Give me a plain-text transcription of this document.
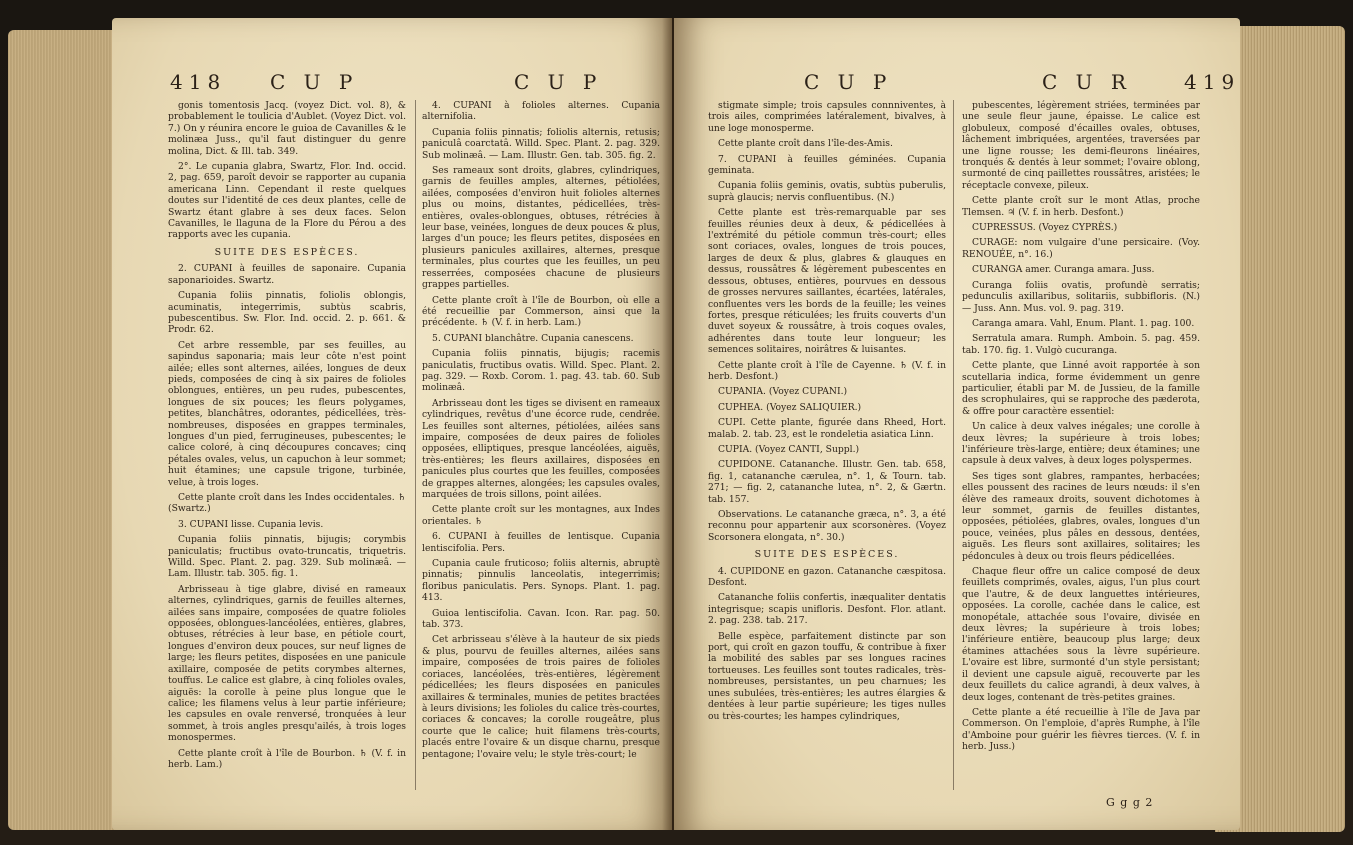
418 C U P	C U P

gonis tomentosis Jacq. (voyez Dict. vol. 8), & probablement le toulicia d'Aublet. (Voyez Dict. vol. 7.) On y réunira encore le guioa de Cavanilles & le molinæa Juss., qu'il faut distinguer du genre molina, Dict. & Ill. tab. 349.

2°. Le cupania glabra, Swartz, Flor. Ind. occid. 2, pag. 659, paroît devoir se rapporter au cupania americana Linn. Cependant il reste quelques doutes sur l'identité de ces deux plantes, celle de Swartz étant glabre à ses deux faces. Selon Cavanilles, le llaguna de la Flore du Pérou a des rapports avec les cupania.

SUITE DES ESPÈCES.

2. CUPANI à feuilles de saponaire. Cupania saponarioides. Swartz.

Cupania foliis pinnatis, foliolis oblongis, acuminatis, integerrimis, subtùs scabris, pubescentibus. Sw. Flor. Ind. occid. 2. p. 661. & Prodr. 62.

Cet arbre ressemble, par ses feuilles, au sapindus saponaria; mais leur côte n'est point ailée; elles sont alternes, ailées, longues de deux pieds, composées de cinq à six paires de folioles oblongues, entières, un peu rudes, pubescentes, longues de six pouces; les fleurs polygames, petites, blanchâtres, odorantes, pédicellées, très-nombreuses, disposées en grappes terminales, longues d'un pied, ferrugineuses, pubescentes; le calice coloré, à cinq découpures concaves; cinq pétales ovales, velus, un capuchon à leur sommet; huit étamines; une capsule trigone, turbinée, velue, à trois loges.

Cette plante croît dans les Indes occidentales. ♄ (Swartz.)

3. CUPANI lisse. Cupania levis.

Cupania foliis pinnatis, bijugis; corymbis paniculatis; fructibus ovato-truncatis, triquetris. Willd. Spec. Plant. 2. pag. 329. Sub molinæâ. — Lam. Illustr. tab. 305. fig. 1.

Arbrisseau à tige glabre, divisé en rameaux alternes, cylindriques, garnis de feuilles alternes, ailées sans impaire, composées de quatre folioles opposées, oblongues-lancéolées, entières, glabres, obtuses, rétrécies à leur base, en pétiole court, longues d'environ deux pouces, sur neuf lignes de large; les fleurs petites, disposées en une panicule axillaire, composée de petits corymbes alternes, touffus. Le calice est glabre, à cinq folioles ovales, aiguës: la corolle à peine plus longue que le calice; les filamens velus à leur partie inférieure; les capsules en ovale renversé, tronquées à leur sommet, à trois angles presqu'ailés, à trois loges monospermes.

Cette plante croît à l'île de Bourbon. ♄ (V. f. in herb. Lam.)

4. CUPANI à folioles alternes. Cupania alternifolia.

Cupania foliis pinnatis; foliolis alternis, retusis; paniculâ coarctatâ. Willd. Spec. Plant. 2. pag. 329. Sub molinæâ. — Lam. Illustr. Gen. tab. 305. fig. 2.

Ses rameaux sont droits, glabres, cylindriques, garnis de feuilles amples, alternes, pétiolées, ailées, composées d'environ huit folioles alternes plus ou moins, distantes, pédicellées, très-entières, ovales-oblongues, obtuses, rétrécies à leur base, veinées, longues de deux pouces & plus, larges d'un pouce; les fleurs petites, disposées en plusieurs panicules axillaires, alternes, presque terminales, plus courtes que les feuilles, un peu resserrées, composées chacune de plusieurs grappes partielles.

Cette plante croît à l'île de Bourbon, où elle a été recueillie par Commerson, ainsi que la précédente. ♄ (V. f. in herb. Lam.)

5. CUPANI blanchâtre. Cupania canescens.

Cupania foliis pinnatis, bijugis; racemis paniculatis, fructibus ovatis. Willd. Spec. Plant. 2. pag. 329. — Roxb. Corom. 1. pag. 43. tab. 60. Sub molinæâ.

Arbrisseau dont les tiges se divisent en rameaux cylindriques, revêtus d'une écorce rude, cendrée. Les feuilles sont alternes, pétiolées, ailées sans impaire, composées de deux paires de folioles opposées, elliptiques, presque lancéolées, aiguës, très-entières; les fleurs axillaires, disposées en panicules plus courtes que les feuilles, composées de grappes alternes, alongées; les capsules ovales, marquées de trois sillons, point ailées.

Cette plante croît sur les montagnes, aux Indes orientales. ♄

6. CUPANI à feuilles de lentisque. Cupania lentiscifolia. Pers.

Cupania caule fruticoso; foliis alternis, abruptè pinnatis; pinnulis lanceolatis, integerrimis; floribus paniculatis. Pers. Synops. Plant. 1. pag. 413.

Guioa lentiscifolia. Cavan. Icon. Rar. pag. 50. tab. 373.

Cet arbrisseau s'élève à la hauteur de six pieds & plus, pourvu de feuilles alternes, ailées sans impaire, composées de trois paires de folioles coriaces, lancéolées, très-entières, légèrement pédicellées; les fleurs disposées en panicules axillaires & terminales, munies de petites bractées à leurs divisions; les folioles du calice très-courtes, coriaces & concaves; la corolle rougeâtre, plus courte que le calice; huit filamens très-courts, placés entre l'ovaire & un disque charnu, presque pentagone; l'ovaire velu; le style très-court; le

C U P	C U R	419

stigmate simple; trois capsules connniventes, à trois ailes, comprimées latéralement, bivalves, à une loge monosperme.

Cette plante croît dans l'île-des-Amis.

7. CUPANI à feuilles géminées. Cupania geminata.

Cupania foliis geminis, ovatis, subtùs puberulis, suprà glaucis; nervis confluentibus. (N.)

Cette plante est très-remarquable par ses feuilles réunies deux à deux, & pédicellées à l'extrémité du pétiole commun très-court; elles sont coriaces, ovales, longues de trois pouces, larges de deux & plus, glabres & glauques en dessus, roussâtres & légèrement pubescentes en dessous, obtuses, entières, pourvues en dessous de grosses nervures saillantes, écartées, latérales, confluentes vers les bords de la feuille; les veines fortes, presque réticulées; les fruits couverts d'un duvet soyeux & roussâtre, à trois coques ovales, adhérentes dans toute leur longueur; les semences solitaires, noirâtres & luisantes.

Cette plante croît à l'île de Cayenne. ♄ (V. f. in herb. Desfont.)

CUPANIA. (Voyez CUPANI.)

CUPHEA. (Voyez SALIQUIER.)

CUPI. Cette plante, figurée dans Rheed, Hort. malab. 2. tab. 23, est le rondeletia asiatica Linn.

CUPIA. (Voyez CANTI, Suppl.)

CUPIDONE. Catananche. Illustr. Gen. tab. 658, fig. 1, catananche cærulea, n°. 1, & Tourn. tab. 271; — fig. 2, catananche lutea, n°. 2, & Gærtn. tab. 157.

Observations. Le catananche græca, n°. 3, a été reconnu pour appartenir aux scorsonères. (Voyez Scorsonera elongata, n°. 30.)

SUITE DES ESPÈCES.

4. CUPIDONE en gazon. Catananche cæspitosa. Desfont.

Catananche foliis confertis, inæqualiter dentatis integrisque; scapis unifloris. Desfont. Flor. atlant. 2. pag. 238. tab. 217.

Belle espèce, parfaitement distincte par son port, qui croît en gazon touffu, & contribue à fixer la mobilité des sables par ses longues racines tortueuses. Les feuilles sont toutes radicales, très-nombreuses, persistantes, un peu charnues; les unes subulées, très-entières; les autres élargies & dentées à leur partie supérieure; les tiges nulles ou très-courtes; les hampes cylindriques,

pubescentes, légèrement striées, terminées par une seule fleur jaune, épaisse. Le calice est globuleux, composé d'écailles ovales, obtuses, lâchement imbriquées, argentées, traversées par une ligne rousse; les demi-fleurons linéaires, tronqués & dentés à leur sommet; l'ovaire oblong, surmonté de cinq paillettes roussâtres, aristées; le réceptacle convexe, pileux.

Cette plante croît sur le mont Atlas, proche Tlemsen. ♃ (V. f. in herb. Desfont.)

CUPRESSUS. (Voyez CYPRÈS.)

CURAGE: nom vulgaire d'une persicaire. (Voy. RENOUÉE, n°. 16.)

CURANGA amer. Curanga amara. Juss.

Curanga foliis ovatis, profundè serratis; pedunculis axillaribus, solitariis, subbifloris. (N.) — Juss. Ann. Mus. vol. 9. pag. 319.

Caranga amara. Vahl, Enum. Plant. 1. pag. 100.

Serratula amara. Rumph. Amboin. 5. pag. 459. tab. 170. fig. 1. Vulgò cucuranga.

Cette plante, que Linné avoit rapportée à son scutellaria indica, forme évidemment un genre particulier, établi par M. de Jussieu, de la famille des scrophulaires, qui se rapproche des pæderota, & offre pour caractère essentiel:

Un calice à deux valves inégales; une corolle à deux lèvres; la supérieure à trois lobes; l'inférieure très-large, entière; deux étamines; une capsule à deux valves, à deux loges polyspermes.

Ses tiges sont glabres, rampantes, herbacées; elles poussent des racines de leurs nœuds: il s'en élève des rameaux droits, souvent dichotomes à leur sommet, garnis de feuilles distantes, opposées, pétiolées, glabres, ovales, longues d'un pouce, veinées, plus pâles en dessous, dentées, aiguës. Les fleurs sont axillaires, solitaires; les pédoncules à deux ou trois fleurs pédicellées.

Chaque fleur offre un calice composé de deux feuillets comprimés, ovales, aigus, l'un plus court que l'autre, & de deux languettes intérieures, opposées. La corolle, cachée dans le calice, est monopétale, attachée sous l'ovaire, divisée en deux lèvres; la supérieure à trois lobes; l'inférieure entière, beaucoup plus large; deux étamines attachées sous la lèvre supérieure. L'ovaire est libre, surmonté d'un style persistant; il devient une capsule aiguë, recouverte par les deux feuillets du calice agrandi, à deux valves, à deux loges, contenant de très-petites graines.

Cette plante a été recueillie à l'île de Java par Commerson. On l'emploie, d'après Rumphe, à l'île d'Amboine pour guérir les fièvres tierces. (V. f. in herb. Juss.)

G g g 2
